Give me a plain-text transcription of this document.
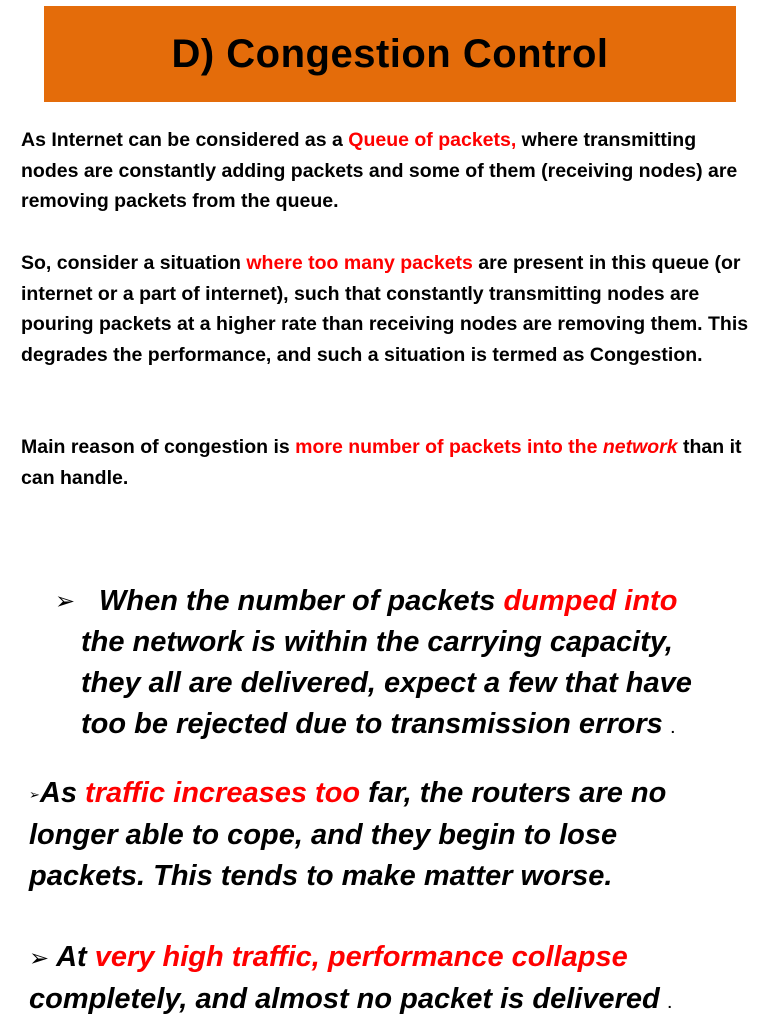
D) Congestion Control
As Internet can be considered as a Queue of packets, where transmitting nodes are constantly adding packets and some of them (receiving nodes) are removing packets from the queue.
So, consider a situation where too many packets are present in this queue (or internet or a part of internet), such that constantly transmitting nodes are pouring packets at a higher rate than receiving nodes are removing them. This degrades the performance, and such a situation is termed as Congestion.
Main reason of congestion is more number of packets into the network than it can handle.
➢ When the number of packets dumped into
the network is within the carrying capacity, they all are delivered, expect a few that have too be rejected due to transmission errors .
➢As traffic increases too far, the routers are no longer able to cope, and they begin to lose packets. This tends to make matter worse.
➢ At very high traffic, performance collapse completely, and almost no packet is delivered .
